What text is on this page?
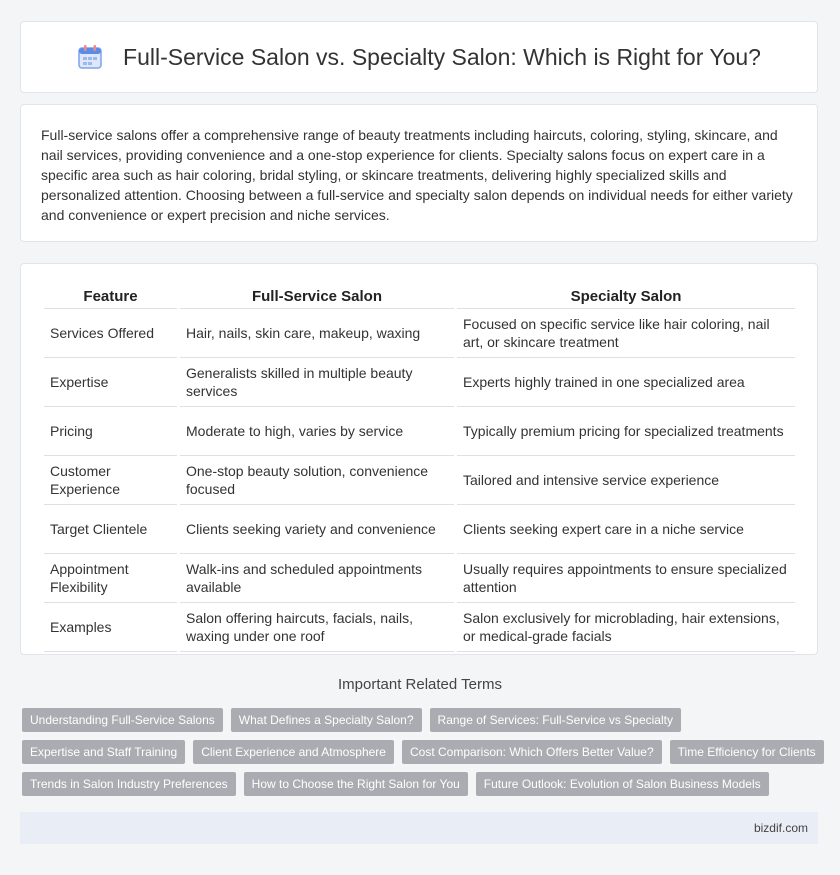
Full-Service Salon vs. Specialty Salon: Which is Right for You?

Full-service salons offer a comprehensive range of beauty treatments including haircuts, coloring, styling, skincare, and nail services, providing convenience and a one-stop experience for clients. Specialty salons focus on expert care in a specific area such as hair coloring, bridal styling, or skincare treatments, delivering highly specialized skills and personalized attention. Choosing between a full-service and specialty salon depends on individual needs for either variety and convenience or expert precision and niche services.

Feature	Full-Service Salon	Specialty Salon
Services Offered	Hair, nails, skin care, makeup, waxing	Focused on specific service like hair coloring, nail art, or skincare treatment
Expertise	Generalists skilled in multiple beauty services	Experts highly trained in one specialized area
Pricing	Moderate to high, varies by service	Typically premium pricing for specialized treatments
Customer Experience	One-stop beauty solution, convenience focused	Tailored and intensive service experience
Target Clientele	Clients seeking variety and convenience	Clients seeking expert care in a niche service
Appointment Flexibility	Walk-ins and scheduled appointments available	Usually requires appointments to ensure specialized attention
Examples	Salon offering haircuts, facials, nails, waxing under one roof	Salon exclusively for microblading, hair extensions, or medical-grade facials
Important Related Terms
Understanding Full-Service Salons	What Defines a Specialty Salon?	Range of Services: Full-Service vs Specialty
Expertise and Staff Training	Client Experience and Atmosphere	Cost Comparison: Which Offers Better Value?	Time Efficiency for Clients
Trends in Salon Industry Preferences	How to Choose the Right Salon for You	Future Outlook: Evolution of Salon Business Models
bizdif.com
